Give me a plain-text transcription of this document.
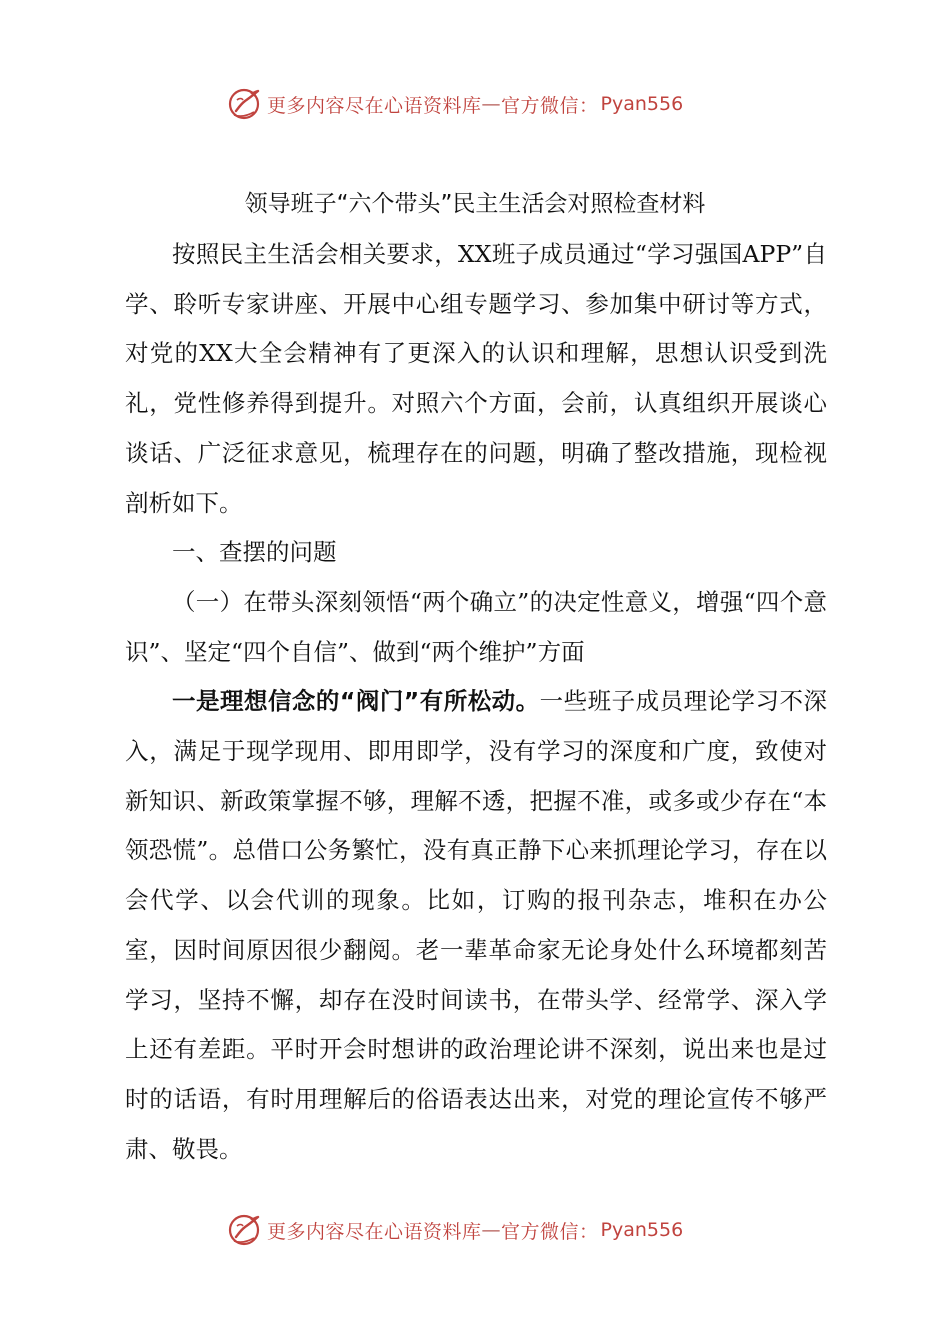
更多内容尽在心语资料库 — 官方微信： Pyan556
领导班子“六个带头”民主生活会对照检查材料

按照民主生活会相关要求，XX班子成员通过“学习强国APP”自学、聆听专家讲座、开展中心组专题学习、参加集中研讨等方式，对党的XX大全会精神有了更深入的认识和理解，思想认识受到洗礼，党性修养得到提升。对照六个方面，会前，认真组织开展谈心谈话、广泛征求意见，梳理存在的问题，明确了整改措施，现检视剖析如下。

一、查摆的问题

（一）在带头深刻领悟“两个确立”的决定性意义，增强“四个意识”、坚定“四个自信”、做到“两个维护”方面

一是理想信念的“阀门”有所松动。一些班子成员理论学习不深入，满足于现学现用、即用即学，没有学习的深度和广度，致使对新知识、新政策掌握不够，理解不透，把握不准，或多或少存在“本领恐慌”。总借口公务繁忙，没有真正静下心来抓理论学习，存在以会代学、以会代训的现象。比如，订购的报刊杂志，堆积在办公室，因时间原因很少翻阅。老一辈革命家无论身处什么环境都刻苦学习，坚持不懈，却存在没时间读书，在带头学、经常学、深入学上还有差距。平时开会时想讲的政治理论讲不深刻，说出来也是过时的话语，有时用理解后的俗语表达出来，对党的理论宣传不够严肃、敬畏。

更多内容尽在心语资料库 — 官方微信： Pyan556
